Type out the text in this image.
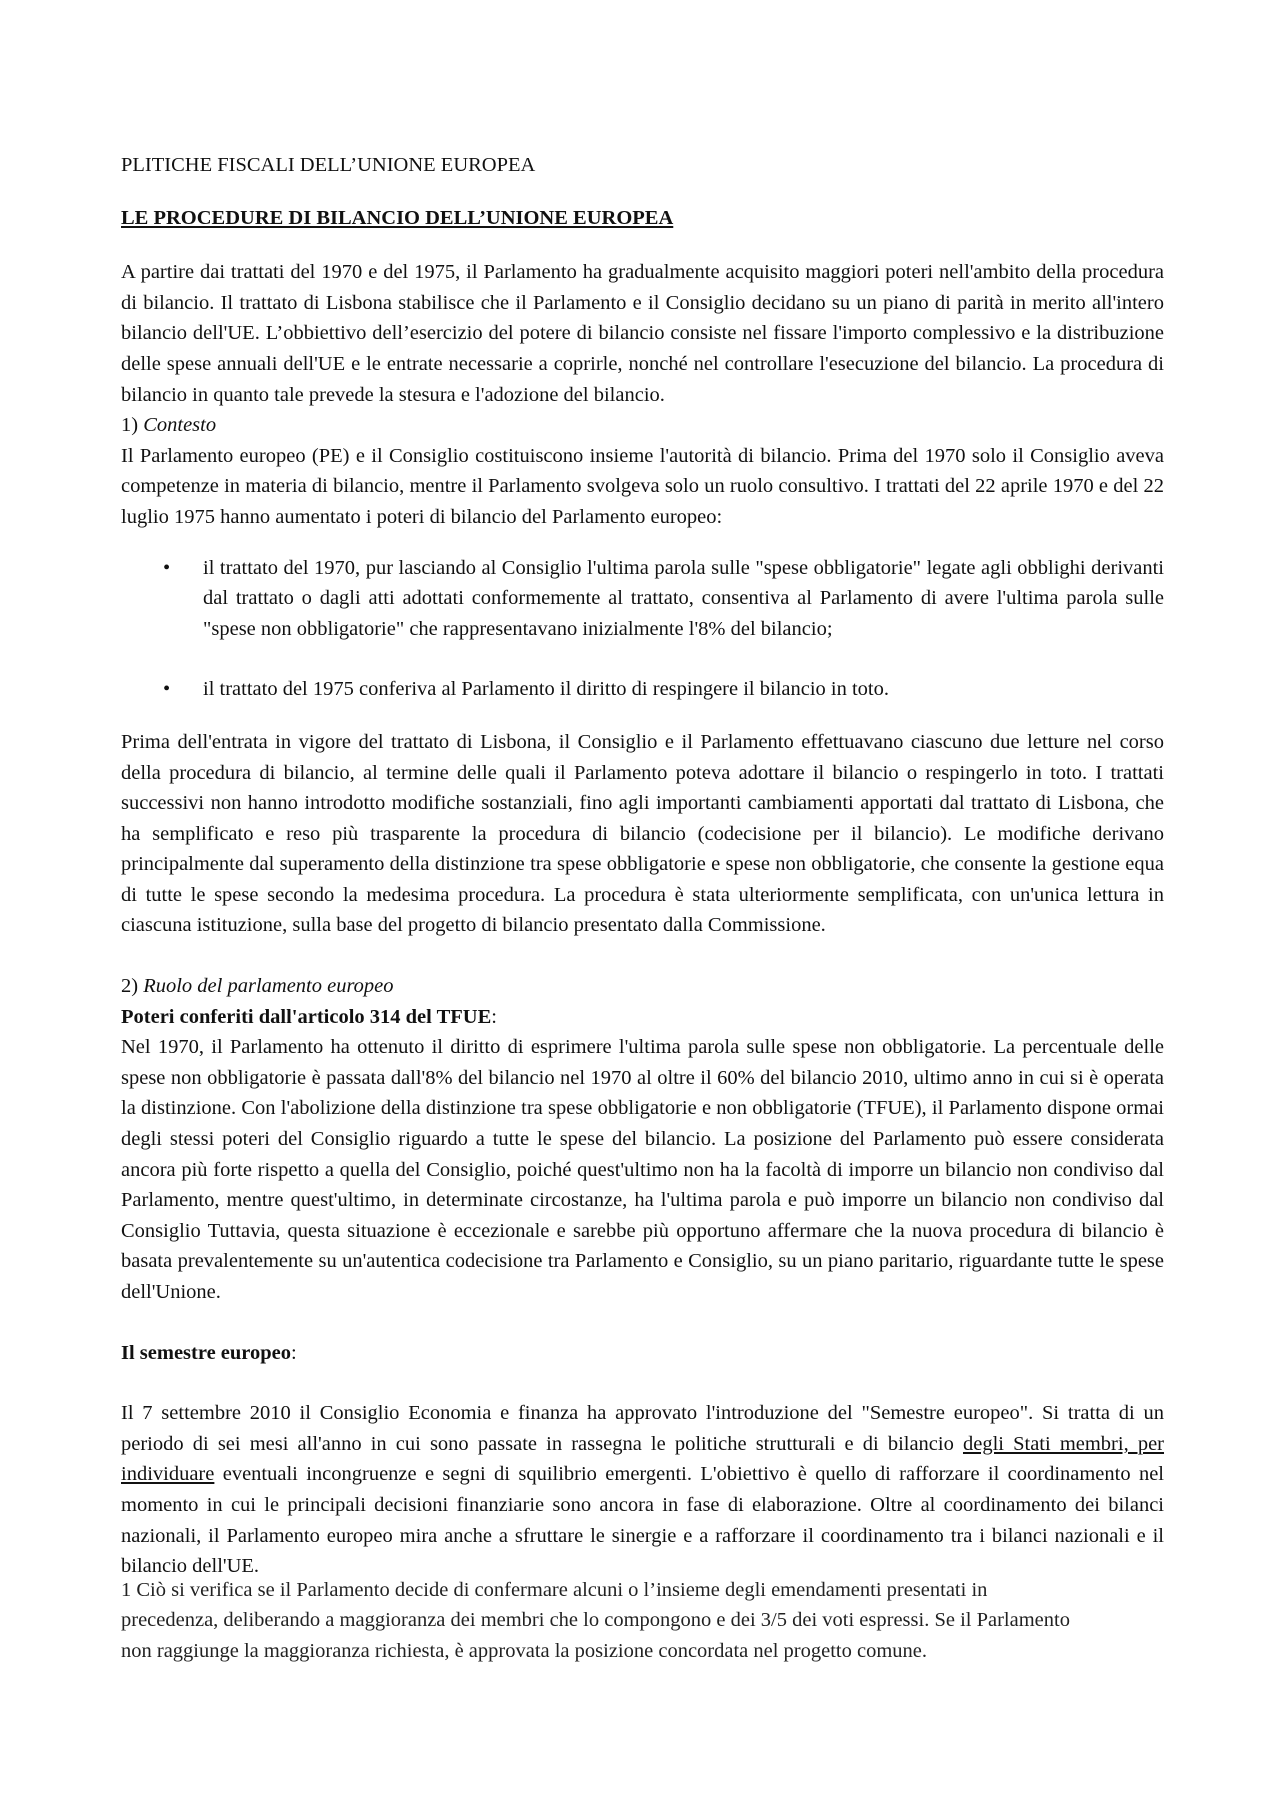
PLITICHE FISCALI DELL’UNIONE EUROPEA

LE PROCEDURE DI BILANCIO DELL’UNIONE EUROPEA

A partire dai trattati del 1970 e del 1975, il Parlamento ha gradualmente acquisito maggiori poteri nell'ambito della procedura di bilancio. Il trattato di Lisbona stabilisce che il Parlamento e il Consiglio decidano su un piano di parità in merito all'intero bilancio dell'UE. L’obbiettivo dell’esercizio del potere di bilancio consiste nel fissare l'importo complessivo e la distribuzione delle spese annuali dell'UE e le entrate necessarie a coprirle, nonché nel controllare l'esecuzione del bilancio. La procedura di bilancio in quanto tale prevede la stesura e l'adozione del bilancio.

1) Contesto

Il Parlamento europeo (PE) e il Consiglio costituiscono insieme l'autorità di bilancio. Prima del 1970 solo il Consiglio aveva competenze in materia di bilancio, mentre il Parlamento svolgeva solo un ruolo consultivo. I trattati del 22 aprile 1970 e del 22 luglio 1975 hanno aumentato i poteri di bilancio del Parlamento europeo:

• il trattato del 1970, pur lasciando al Consiglio l'ultima parola sulle "spese obbligatorie" legate agli obblighi derivanti dal trattato o dagli atti adottati conformemente al trattato, consentiva al Parlamento di avere l'ultima parola sulle "spese non obbligatorie" che rappresentavano inizialmente l'8% del bilancio;
• il trattato del 1975 conferiva al Parlamento il diritto di respingere il bilancio in toto.

Prima dell'entrata in vigore del trattato di Lisbona, il Consiglio e il Parlamento effettuavano ciascuno due letture nel corso della procedura di bilancio, al termine delle quali il Parlamento poteva adottare il bilancio o respingerlo in toto. I trattati successivi non hanno introdotto modifiche sostanziali, fino agli importanti cambiamenti apportati dal trattato di Lisbona, che ha semplificato e reso più trasparente la procedura di bilancio (codecisione per il bilancio). Le modifiche derivano principalmente dal superamento della distinzione tra spese obbligatorie e spese non obbligatorie, che consente la gestione equa di tutte le spese secondo la medesima procedura. La procedura è stata ulteriormente semplificata, con un'unica lettura in ciascuna istituzione, sulla base del progetto di bilancio presentato dalla Commissione.

2) Ruolo del parlamento europeo

Poteri conferiti dall'articolo 314 del TFUE:

Nel 1970, il Parlamento ha ottenuto il diritto di esprimere l'ultima parola sulle spese non obbligatorie. La percentuale delle spese non obbligatorie è passata dall'8% del bilancio nel 1970 al oltre il 60% del bilancio 2010, ultimo anno in cui si è operata la distinzione. Con l'abolizione della distinzione tra spese obbligatorie e non obbligatorie (TFUE), il Parlamento dispone ormai degli stessi poteri del Consiglio riguardo a tutte le spese del bilancio. La posizione del Parlamento può essere considerata ancora più forte rispetto a quella del Consiglio, poiché quest'ultimo non ha la facoltà di imporre un bilancio non condiviso dal Parlamento, mentre quest'ultimo, in determinate circostanze, ha l'ultima parola e può imporre un bilancio non condiviso dal Consiglio Tuttavia, questa situazione è eccezionale e sarebbe più opportuno affermare che la nuova procedura di bilancio è basata prevalentemente su un'autentica codecisione tra Parlamento e Consiglio, su un piano paritario, riguardante tutte le spese dell'Unione.

Il semestre europeo:

Il 7 settembre 2010 il Consiglio Economia e finanza ha approvato l'introduzione del "Semestre europeo". Si tratta di un periodo di sei mesi all'anno in cui sono passate in rassegna le politiche strutturali e di bilancio degli Stati membri, per individuare eventuali incongruenze e segni di squilibrio emergenti. L'obiettivo è quello di rafforzare il coordinamento nel momento in cui le principali decisioni finanziarie sono ancora in fase di elaborazione. Oltre al coordinamento dei bilanci nazionali, il Parlamento europeo mira anche a sfruttare le sinergie e a rafforzare il coordinamento tra i bilanci nazionali e il bilancio dell'UE.

1 Ciò si verifica se il Parlamento decide di confermare alcuni o l’insieme degli emendamenti presentati in precedenza, deliberando a maggioranza dei membri che lo compongono e dei 3/5 dei voti espressi. Se il Parlamento non raggiunge la maggioranza richiesta, è approvata la posizione concordata nel progetto comune.
